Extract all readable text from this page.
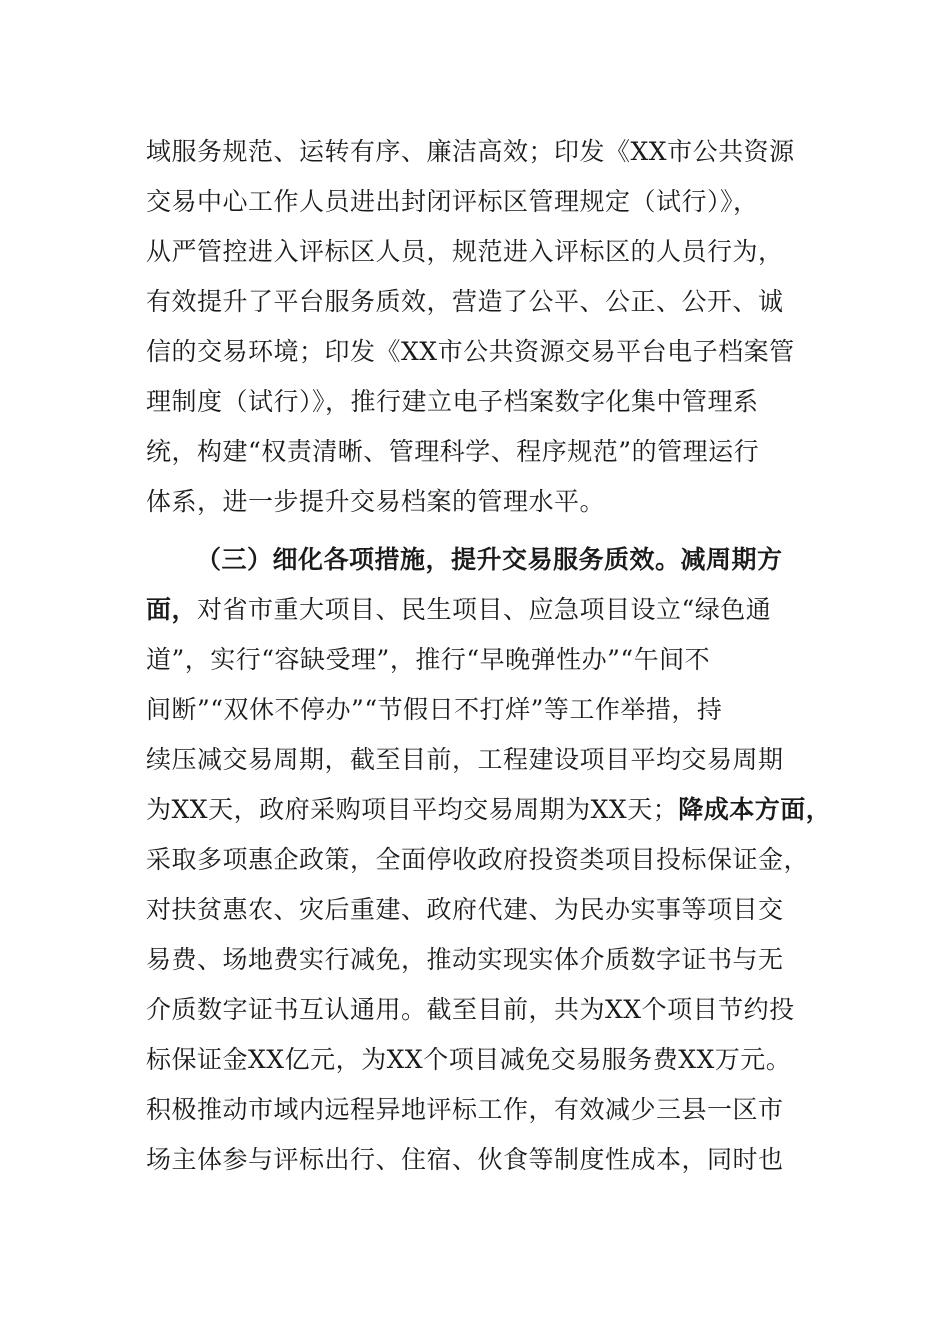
域服务规范、运转有序、廉洁高效；印发《XX市公共资源
交易中心工作人员进出封闭评标区管理规定（试行）》，
从严管控进入评标区人员，规范进入评标区的人员行为，
有效提升了平台服务质效，营造了公平、公正、公开、诚
信的交易环境；印发《XX市公共资源交易平台电子档案管
理制度（试行）》，推行建立电子档案数字化集中管理系
统，构建“权责清晰、管理科学、程序规范”的管理运行
体系，进一步提升交易档案的管理水平。
（三）细化各项措施，提升交易服务质效。减周期方
面，对省市重大项目、民生项目、应急项目设立“绿色通
道”，实行“容缺受理”，推行“早晚弹性办”“午间不
间断”“双休不停办”“节假日不打烊”等工作举措，持
续压减交易周期，截至目前，工程建设项目平均交易周期
为XX天，政府采购项目平均交易周期为XX天；降成本方面，
采取多项惠企政策，全面停收政府投资类项目投标保证金，
对扶贫惠农、灾后重建、政府代建、为民办实事等项目交
易费、场地费实行减免，推动实现实体介质数字证书与无
介质数字证书互认通用。截至目前，共为XX个项目节约投
标保证金XX亿元，为XX个项目减免交易服务费XX万元。
积极推动市域内远程异地评标工作，有效减少三县一区市
场主体参与评标出行、住宿、伙食等制度性成本，同时也
